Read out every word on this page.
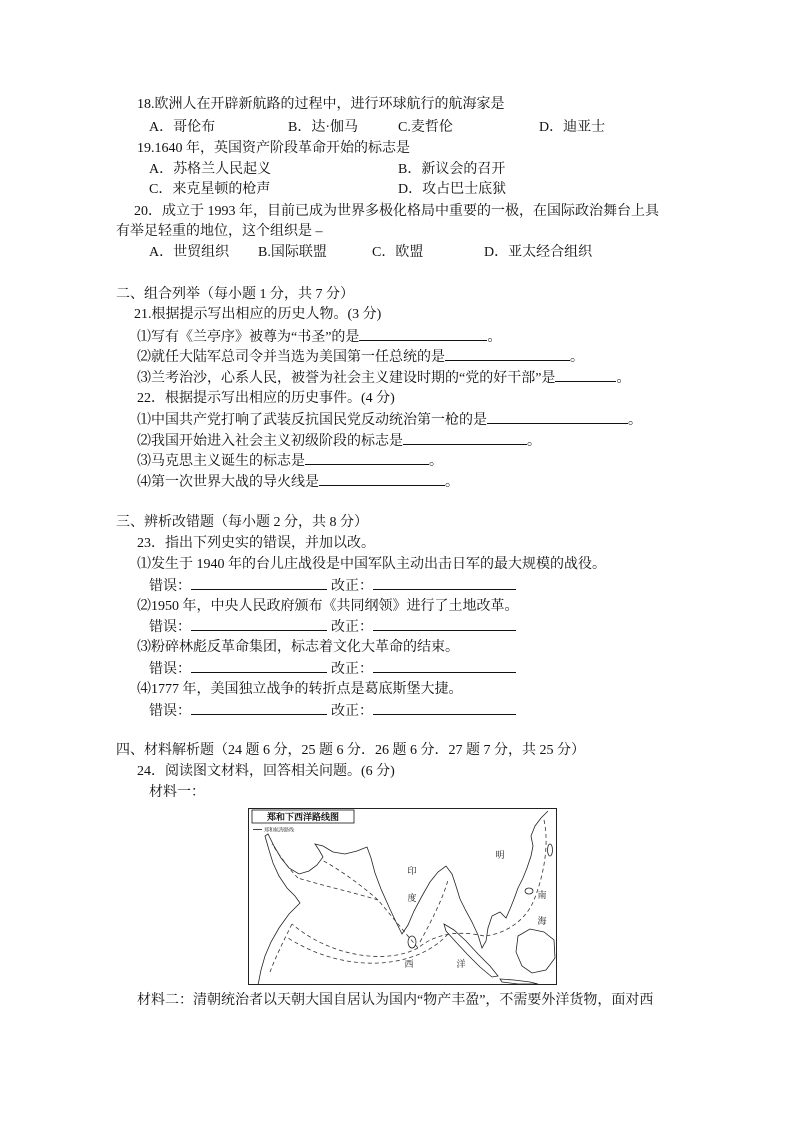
18.欧洲人在开辟新航路的过程中，进行环球航行的航海家是
A．哥伦布	B．达·伽马	C.麦哲伦	D．迪亚士
19.1640 年，英国资产阶段革命开始的标志是
A．苏格兰人民起义	B．新议会的召开
C．来克星顿的枪声	D．攻占巴士底狱
20．成立于 1993 年，目前已成为世界多极化格局中重要的一极，在国际政治舞台上具
有举足轻重的地位，这个组织是 –
A．世贸组织 B.国际联盟	C．欧盟	D．亚太经合组织
二、组合列举（每小题 1 分，共 7 分）
21.根据提示写出相应的历史人物。(3 分)
⑴写有《兰亭序》被尊为“书圣”的是	。
⑵就任大陆军总司令并当选为美国第一任总统的是	。
⑶兰考治沙，心系人民，被誉为社会主义建设时期的“党的好干部”是	。
22．根据提示写出相应的历史事件。(4 分)
⑴中国共产党打响了武装反抗国民党反动统治第一枪的是	。
⑵我国开始进入社会主义初级阶段的标志是	。
⑶马克思主义诞生的标志是	。
⑷第一次世界大战的导火线是	。
三、辨析改错题（每小题 2 分，共 8 分）
23．指出下列史实的错误，并加以改。
⑴发生于 1940 年的台儿庄战役是中国军队主动出击日军的最大规模的战役。
错误：	改正：
⑵1950 年，中央人民政府颁布《共同纲领》进行了土地改革。
错误：	改正：
⑶粉碎林彪反革命集团，标志着文化大革命的结束。
错误：	改正：
⑷1777 年，美国独立战争的转折点是葛底斯堡大捷。
错误：	改正：
四、材料解析题（24 题 6 分，25 题 6 分．26 题 6 分．27 题 7 分，共 25 分）
24．阅读图文材料，回答相关问题。(6 分)
材料一：
郑和下西洋路线图
郑和航海路线
明
南
海
印
度
西	洋
材料二：清朝统治者以天朝大国自居认为国内“物产丰盈”，不需要外洋货物，面对西
